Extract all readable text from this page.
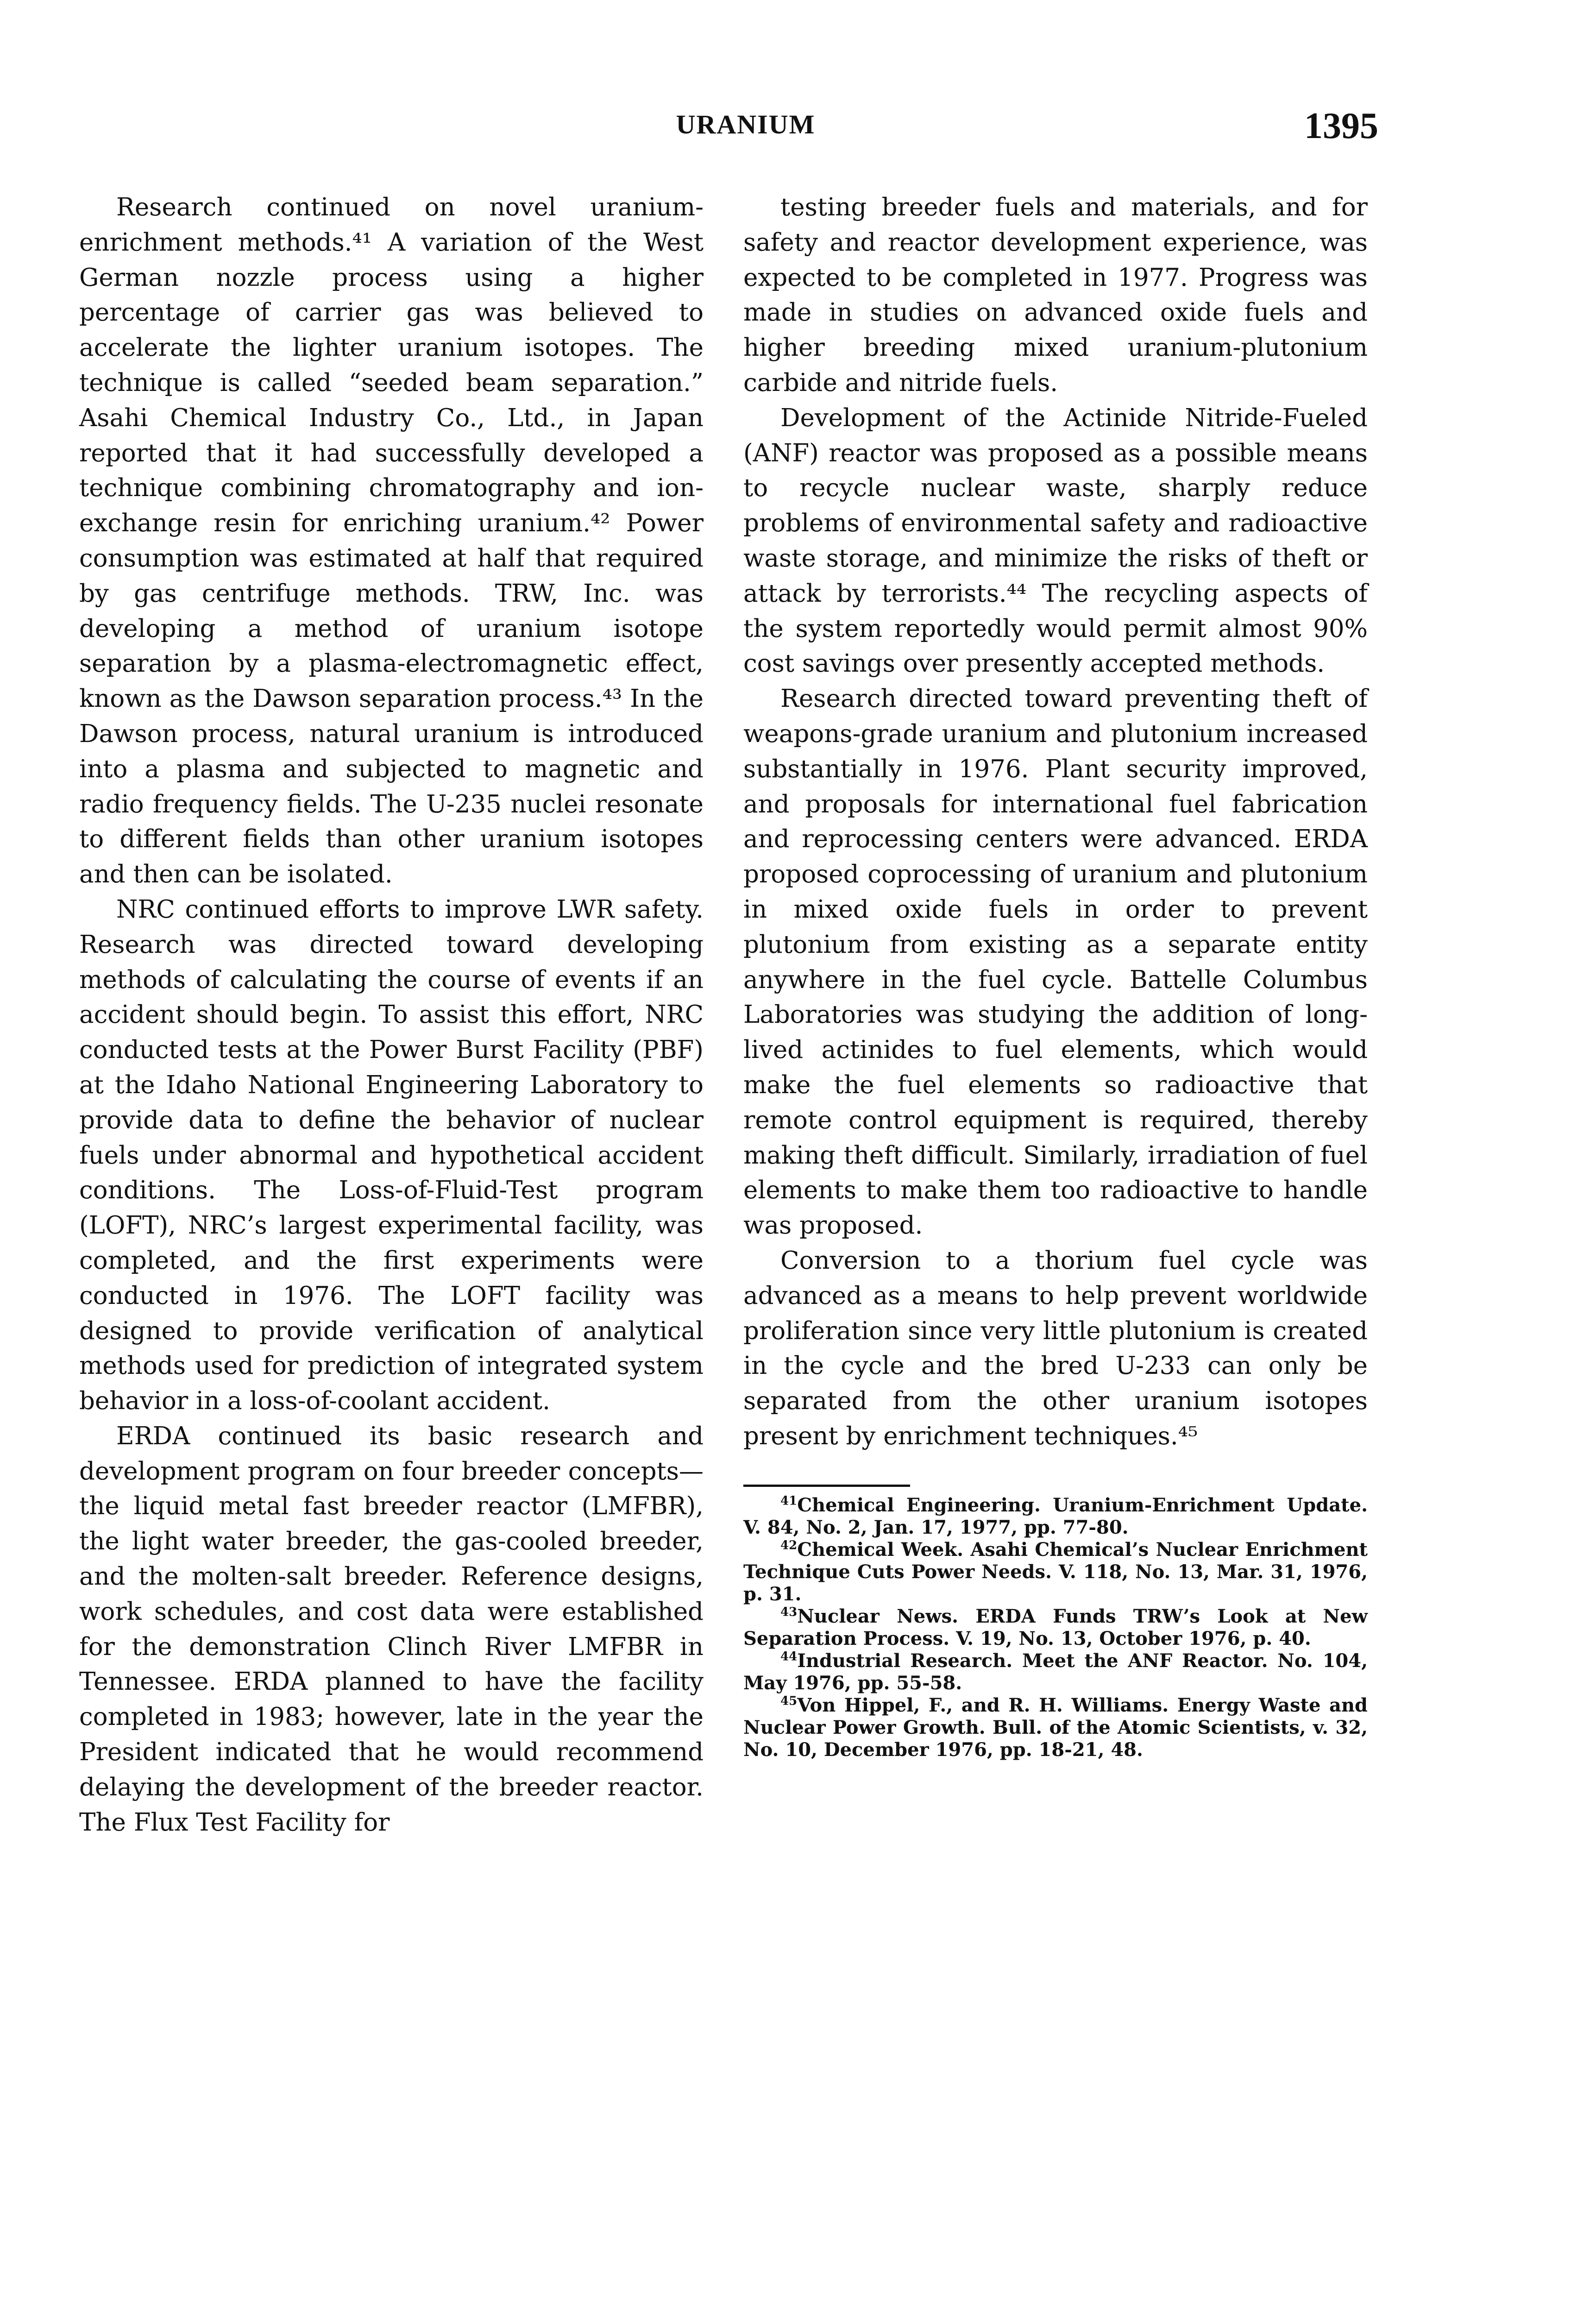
URANIUM	1395

Research continued on novel uranium-enrichment methods.⁴¹ A variation of the West German nozzle process using a higher percentage of carrier gas was believed to accelerate the lighter uranium isotopes. The technique is called “seeded beam separation.” Asahi Chemical Industry Co., Ltd., in Japan reported that it had successfully developed a technique combining chromatography and ion-exchange resin for enriching uranium.⁴² Power consumption was estimated at half that required by gas centrifuge methods. TRW, Inc. was developing a method of uranium isotope separation by a plasma-electromagnetic effect, known as the Dawson separation process.⁴³ In the Dawson process, natural uranium is introduced into a plasma and subjected to magnetic and radio frequency fields. The U-235 nuclei resonate to different fields than other uranium isotopes and then can be isolated.

NRC continued efforts to improve LWR safety. Research was directed toward developing methods of calculating the course of events if an accident should begin. To assist this effort, NRC conducted tests at the Power Burst Facility (PBF) at the Idaho National Engineering Laboratory to provide data to define the behavior of nuclear fuels under abnormal and hypothetical accident conditions. The Loss-of-Fluid-Test program (LOFT), NRC’s largest experimental facility, was completed, and the first experiments were conducted in 1976. The LOFT facility was designed to provide verification of analytical methods used for prediction of integrated system behavior in a loss-of-coolant accident.

ERDA continued its basic research and development program on four breeder concepts—the liquid metal fast breeder reactor (LMFBR), the light water breeder, the gas-cooled breeder, and the molten-salt breeder. Reference designs, work schedules, and cost data were established for the demonstration Clinch River LMFBR in Tennessee. ERDA planned to have the facility completed in 1983; however, late in the year the President indicated that he would recommend delaying the development of the breeder reactor. The Flux Test Facility for

testing breeder fuels and materials, and for safety and reactor development experience, was expected to be completed in 1977. Progress was made in studies on advanced oxide fuels and higher breeding mixed uranium-plutonium carbide and nitride fuels.

Development of the Actinide Nitride-Fueled (ANF) reactor was proposed as a possible means to recycle nuclear waste, sharply reduce problems of environmental safety and radioactive waste storage, and minimize the risks of theft or attack by terrorists.⁴⁴ The recycling aspects of the system reportedly would permit almost 90% cost savings over presently accepted methods.

Research directed toward preventing theft of weapons-grade uranium and plutonium increased substantially in 1976. Plant security improved, and proposals for international fuel fabrication and reprocessing centers were advanced. ERDA proposed coprocessing of uranium and plutonium in mixed oxide fuels in order to prevent plutonium from existing as a separate entity anywhere in the fuel cycle. Battelle Columbus Laboratories was studying the addition of long-lived actinides to fuel elements, which would make the fuel elements so radioactive that remote control equipment is required, thereby making theft difficult. Similarly, irradiation of fuel elements to make them too radioactive to handle was proposed.

Conversion to a thorium fuel cycle was advanced as a means to help prevent worldwide proliferation since very little plutonium is created in the cycle and the bred U-233 can only be separated from the other uranium isotopes present by enrichment techniques.⁴⁵

$^{41}$Chemical Engineering. Uranium-Enrichment Update. V. 84, No. 2, Jan. 17, 1977, pp. 77-80.

$^{42}$Chemical Week. Asahi Chemical’s Nuclear Enrichment Technique Cuts Power Needs. V. 118, No. 13, Mar. 31, 1976, p. 31.

$^{43}$Nuclear News. ERDA Funds TRW’s Look at New Separation Process. V. 19, No. 13, October 1976, p. 40.

$^{44}$Industrial Research. Meet the ANF Reactor. No. 104, May 1976, pp. 55-58.

$^{45}$Von Hippel, F., and R. H. Williams. Energy Waste and Nuclear Power Growth. Bull. of the Atomic Scientists, v. 32, No. 10, December 1976, pp. 18-21, 48.
